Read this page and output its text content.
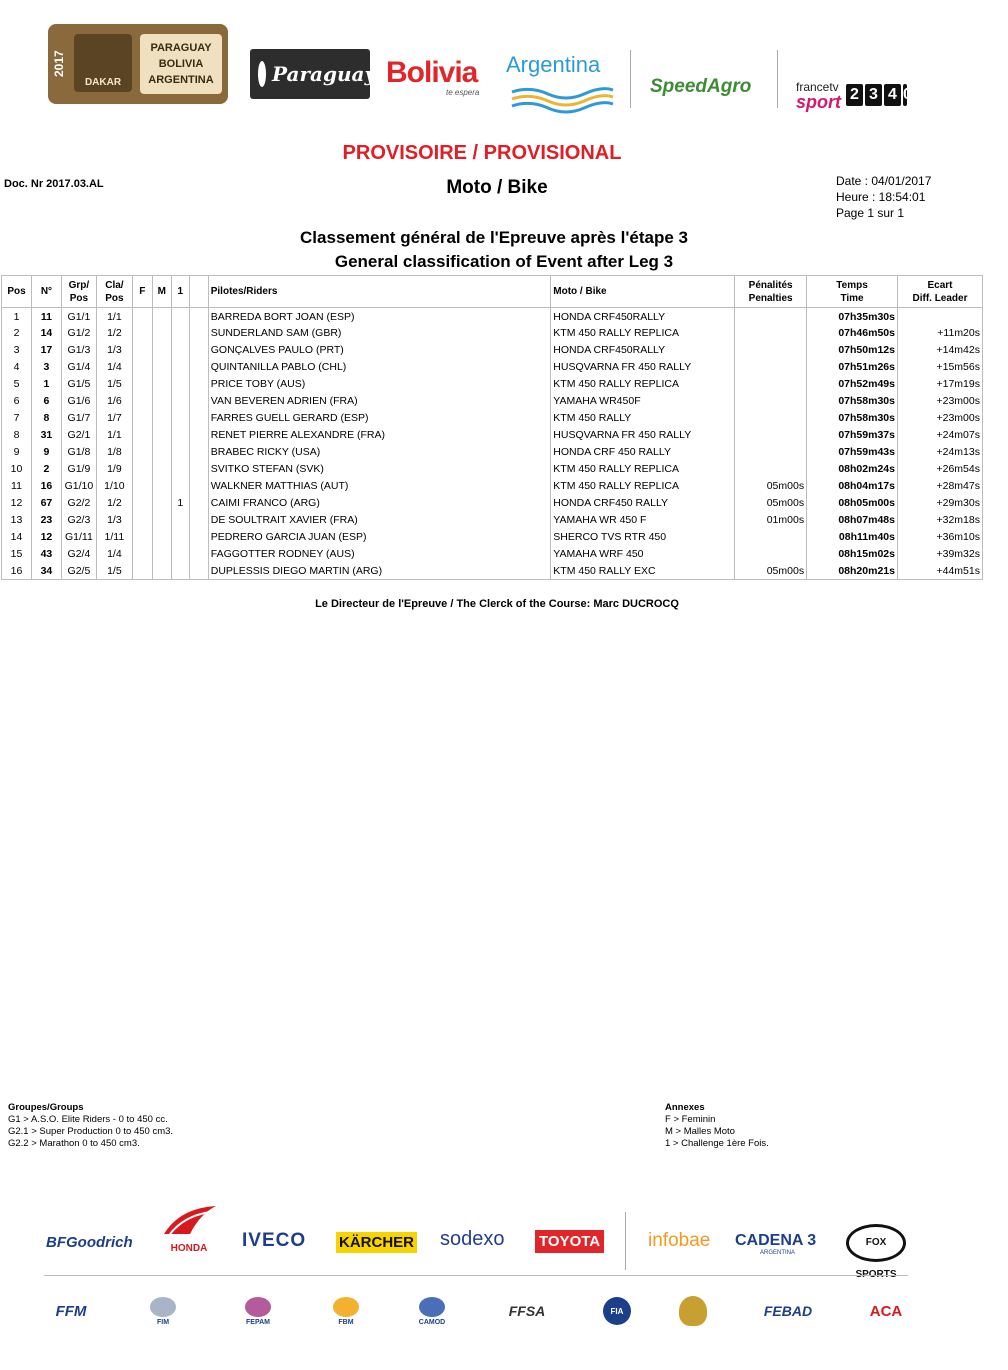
2017
DAKAR
PARAGUAY
BOLIVIA
ARGENTINA	Paraguay Bolivia
te espera
Argentina
SpeedAgro	francetv
sport 2 3 4 0
PROVISOIRE / PROVISIONAL
Doc. Nr 2017.03.AL	Moto / Bike	Date : 04/01/2017
Heure : 18:54:01
Page 1 sur 1
Classement général de l'Epreuve après l'étape 3
General classification of Event after Leg 3
Pos	N°	Grp/
Pos	Cla/
Pos	F	M	1		Pilotes/Riders	Moto / Bike	Pénalités
Penalties	Temps
Time	Ecart
Diff. Leader
1	11	G1/1	1/1					BARREDA BORT JOAN (ESP)	HONDA CRF450RALLY		07h35m30s	
2	14	G1/2	1/2					SUNDERLAND SAM (GBR)	KTM 450 RALLY REPLICA		07h46m50s	+11m20s
3	17	G1/3	1/3					GONÇALVES PAULO (PRT)	HONDA CRF450RALLY		07h50m12s	+14m42s
4	3	G1/4	1/4					QUINTANILLA PABLO (CHL)	HUSQVARNA FR 450 RALLY		07h51m26s	+15m56s
5	1	G1/5	1/5					PRICE TOBY (AUS)	KTM 450 RALLY REPLICA		07h52m49s	+17m19s
6	6	G1/6	1/6					VAN BEVEREN ADRIEN (FRA)	YAMAHA WR450F		07h58m30s	+23m00s
7	8	G1/7	1/7					FARRES GUELL GERARD (ESP)	KTM 450 RALLY		07h58m30s	+23m00s
8	31	G2/1	1/1					RENET PIERRE ALEXANDRE (FRA)	HUSQVARNA FR 450 RALLY		07h59m37s	+24m07s
9	9	G1/8	1/8					BRABEC RICKY (USA)	HONDA CRF 450 RALLY		07h59m43s	+24m13s
10	2	G1/9	1/9					SVITKO STEFAN (SVK)	KTM 450 RALLY REPLICA		08h02m24s	+26m54s
11	16	G1/10	1/10					WALKNER MATTHIAS (AUT)	KTM 450 RALLY REPLICA	05m00s	08h04m17s	+28m47s
12	67	G2/2	1/2			1		CAIMI FRANCO (ARG)	HONDA CRF450 RALLY	05m00s	08h05m00s	+29m30s
13	23	G2/3	1/3					DE SOULTRAIT XAVIER (FRA)	YAMAHA WR 450 F	01m00s	08h07m48s	+32m18s
14	12	G1/11	1/11					PEDRERO GARCIA JUAN (ESP)	SHERCO TVS RTR 450		08h11m40s	+36m10s
15	43	G2/4	1/4					FAGGOTTER RODNEY (AUS)	YAMAHA WRF 450		08h15m02s	+39m32s
16	34	G2/5	1/5					DUPLESSIS DIEGO MARTIN (ARG)	KTM 450 RALLY EXC	05m00s	08h20m21s	+44m51s
Le Directeur de l'Epreuve / The Clerck of the Course: Marc DUCROCQ
Groupes/Groups
G1 > A.S.O. Elite Riders - 0 to 450 cc.
G2.1 > Super Production 0 to 450 cm3.
G2.2 > Marathon 0 to 450 cm3.
Annexes
F > Feminin
M > Malles Moto
1 > Challenge 1ère Fois.
BFGoodrich	HONDA	IVECO KÄRCHER sodexo TOYOTA	infobae CADENA 3
ARGENTINA
FOX
FFM
FIM	FEPAM	FBM	CAMOD
FFSA	FIA	FEBAD	ACA
